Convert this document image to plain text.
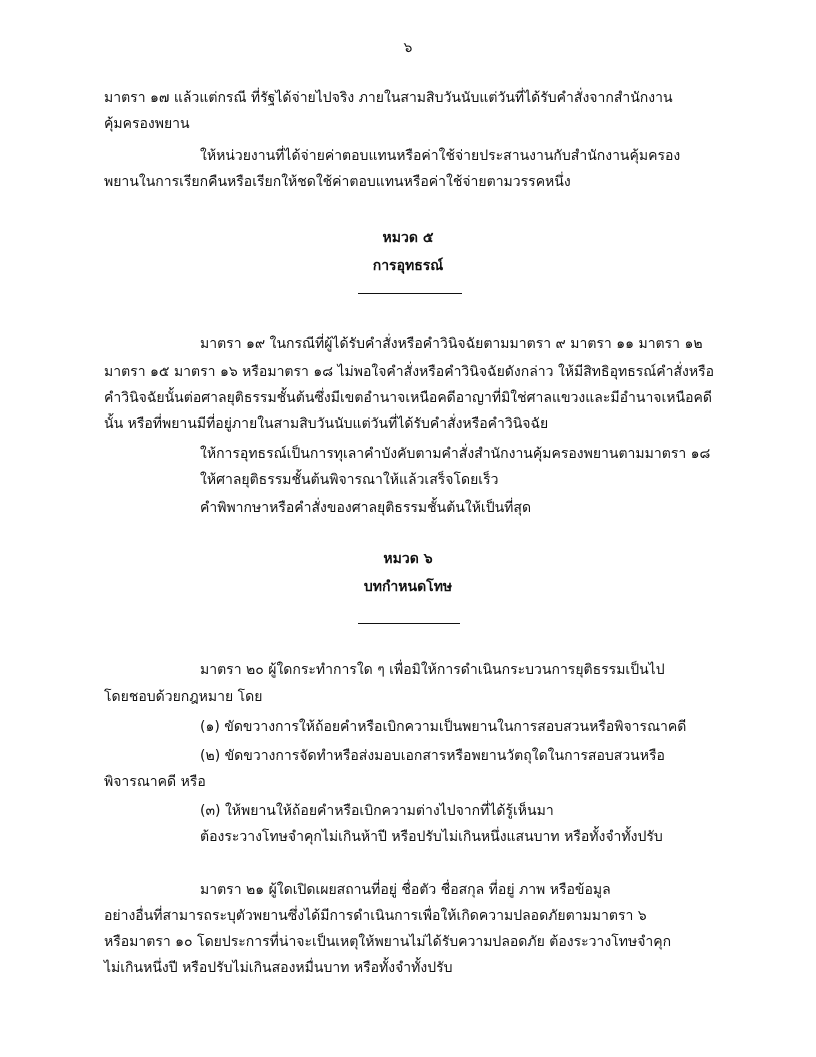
๖
มาตรา ๑๗ แล้วแต่กรณี ที่รัฐได้จ่ายไปจริง ภายในสามสิบวันนับแต่วันที่ได้รับคำสั่งจากสำนักงาน
คุ้มครองพยาน
ให้หน่วยงานที่ได้จ่ายค่าตอบแทนหรือค่าใช้จ่ายประสานงานกับสำนักงานคุ้มครอง
พยานในการเรียกคืนหรือเรียกให้ชดใช้ค่าตอบแทนหรือค่าใช้จ่ายตามวรรคหนึ่ง
หมวด ๕
การอุทธรณ์
มาตรา ๑๙ ในกรณีที่ผู้ได้รับคำสั่งหรือคำวินิจฉัยตามมาตรา ๙ มาตรา ๑๑ มาตรา ๑๒
มาตรา ๑๕ มาตรา ๑๖ หรือมาตรา ๑๘ ไม่พอใจคำสั่งหรือคำวินิจฉัยดังกล่าว ให้มีสิทธิอุทธรณ์คำสั่งหรือ
คำวินิจฉัยนั้นต่อศาลยุติธรรมชั้นต้นซึ่งมีเขตอำนาจเหนือคดีอาญาที่มิใช่ศาลแขวงและมีอำนาจเหนือคดี
นั้น หรือที่พยานมีที่อยู่ภายในสามสิบวันนับแต่วันที่ได้รับคำสั่งหรือคำวินิจฉัย
ให้การอุทธรณ์เป็นการทุเลาคำบังคับตามคำสั่งสำนักงานคุ้มครองพยานตามมาตรา ๑๘
ให้ศาลยุติธรรมชั้นต้นพิจารณาให้แล้วเสร็จโดยเร็ว
คำพิพากษาหรือคำสั่งของศาลยุติธรรมชั้นต้นให้เป็นที่สุด
หมวด ๖
บทกำหนดโทษ
มาตรา ๒๐ ผู้ใดกระทำการใด ๆ เพื่อมิให้การดำเนินกระบวนการยุติธรรมเป็นไป
โดยชอบด้วยกฎหมาย โดย
(๑) ขัดขวางการให้ถ้อยคำหรือเบิกความเป็นพยานในการสอบสวนหรือพิจารณาคดี
(๒) ขัดขวางการจัดทำหรือส่งมอบเอกสารหรือพยานวัตถุใดในการสอบสวนหรือ
พิจารณาคดี หรือ
(๓) ให้พยานให้ถ้อยคำหรือเบิกความต่างไปจากที่ได้รู้เห็นมา
ต้องระวางโทษจำคุกไม่เกินห้าปี หรือปรับไม่เกินหนึ่งแสนบาท หรือทั้งจำทั้งปรับ
มาตรา ๒๑ ผู้ใดเปิดเผยสถานที่อยู่ ชื่อตัว ชื่อสกุล ที่อยู่ ภาพ หรือข้อมูล
อย่างอื่นที่สามารถระบุตัวพยานซึ่งได้มีการดำเนินการเพื่อให้เกิดความปลอดภัยตามมาตรา ๖
หรือมาตรา ๑๐ โดยประการที่น่าจะเป็นเหตุให้พยานไม่ได้รับความปลอดภัย ต้องระวางโทษจำคุก
ไม่เกินหนึ่งปี หรือปรับไม่เกินสองหมื่นบาท หรือทั้งจำทั้งปรับ
